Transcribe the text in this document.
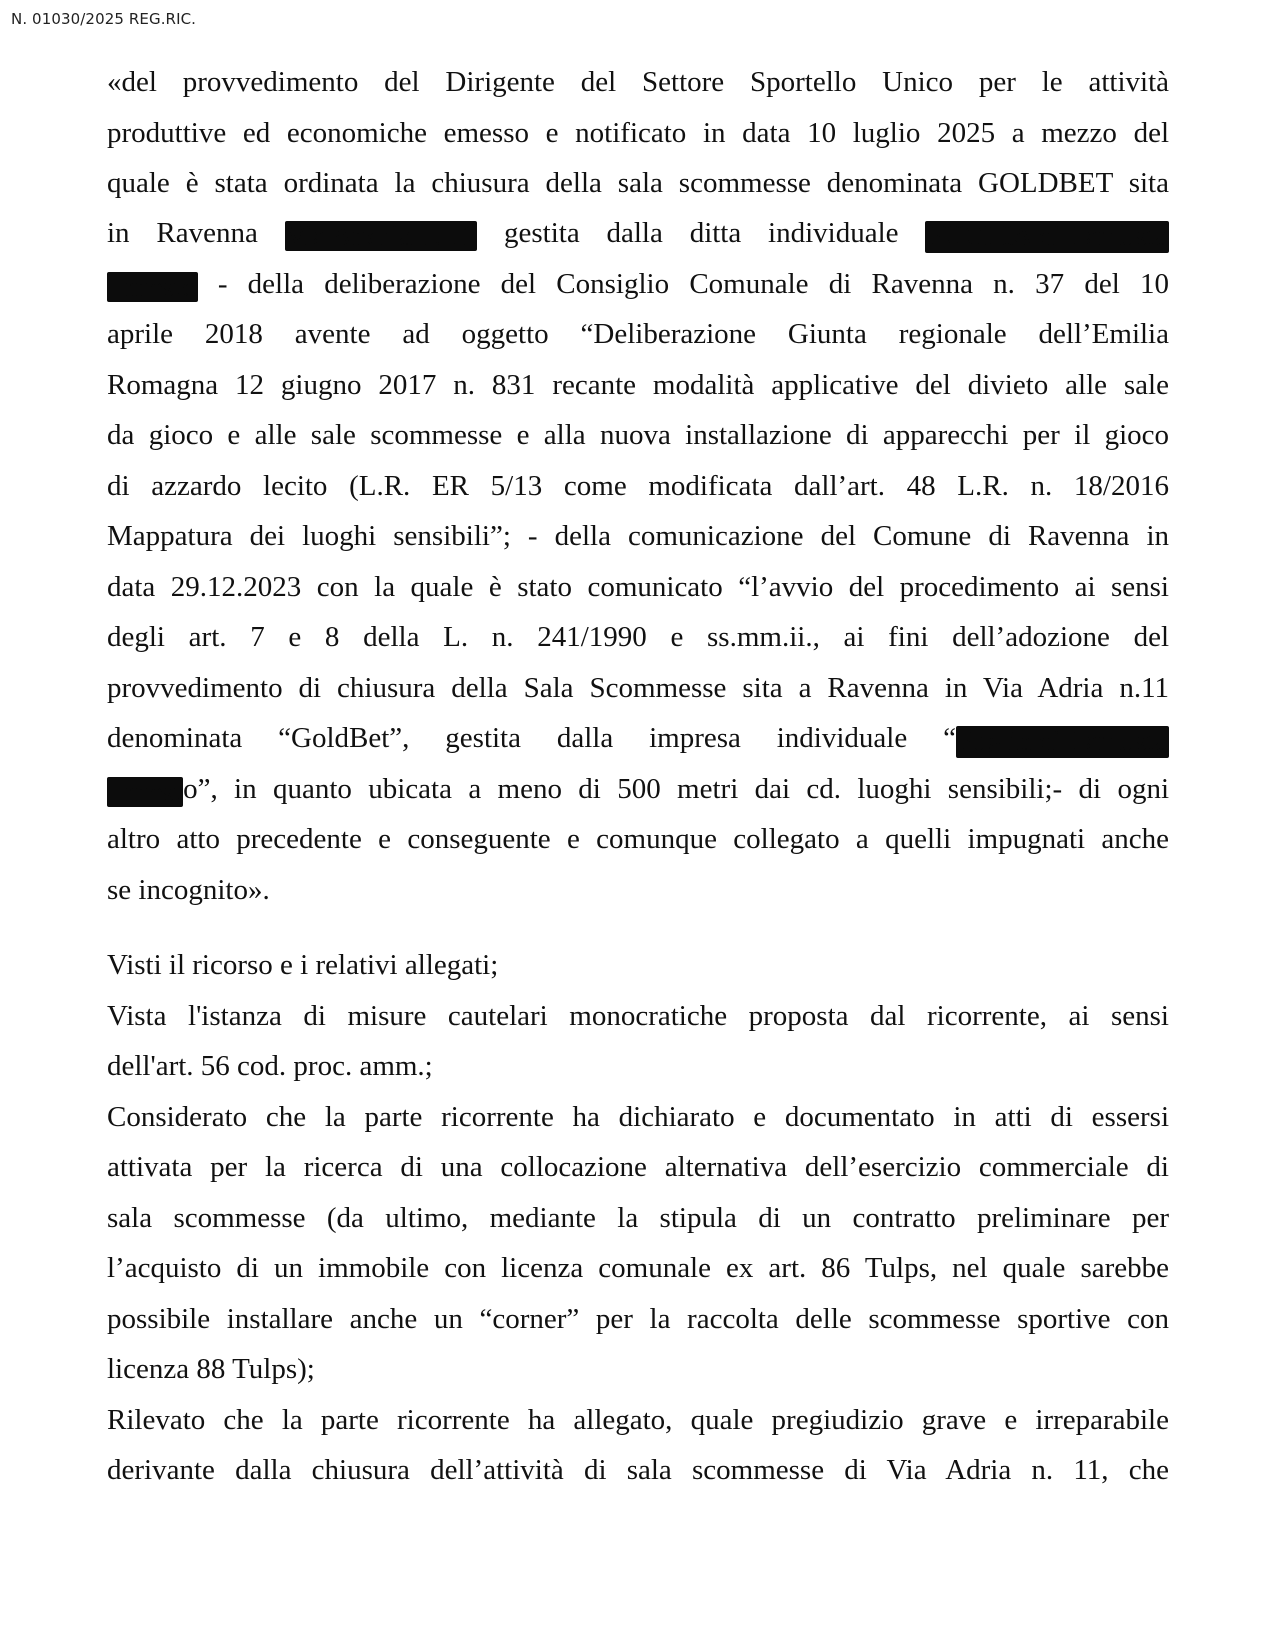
N. 01030/2025 REG.RIC.
«del provvedimento del Dirigente del Settore Sportello Unico per le attività
produttive ed economiche emesso e notificato in data 10 luglio 2025 a mezzo del
quale è stata ordinata la chiusura della sala scommesse denominata GOLDBET sita
in Ravenna Via Andria n. 11 gestita dalla ditta individuale PUGLIA di Lamusta
Ernesto - della deliberazione del Consiglio Comunale di Ravenna n. 37 del 10
aprile 2018 avente ad oggetto “Deliberazione Giunta regionale dell’Emilia
Romagna 12 giugno 2017 n. 831 recante modalità applicative del divieto alle sale
da gioco e alle sale scommesse e alla nuova installazione di apparecchi per il gioco
di azzardo lecito (L.R. ER 5/13 come modificata dall’art. 48 L.R. n. 18/2016
Mappatura dei luoghi sensibili”; - della comunicazione del Comune di Ravenna in
data 29.12.2023 con la quale è stato comunicato “l’avvio del procedimento ai sensi
degli art. 7 e 8 della L. n. 241/1990 e ss.mm.ii., ai fini dell’adozione del
provvedimento di chiusura della Sala Scommesse sita a Ravenna in Via Adria n.11
denominata “GoldBet”, gestita dalla impresa individuale “Puglia di Lamusta
Ernesto”, in quanto ubicata a meno di 500 metri dai cd. luoghi sensibili;- di ogni
altro atto precedente e conseguente e comunque collegato a quelli impugnati anche
se incognito».
Visti il ricorso e i relativi allegati;
Vista l'istanza di misure cautelari monocratiche proposta dal ricorrente, ai sensi
dell'art. 56 cod. proc. amm.;
Considerato che la parte ricorrente ha dichiarato e documentato in atti di essersi
attivata per la ricerca di una collocazione alternativa dell’esercizio commerciale di
sala scommesse (da ultimo, mediante la stipula di un contratto preliminare per
l’acquisto di un immobile con licenza comunale ex art. 86 Tulps, nel quale sarebbe
possibile installare anche un “corner” per la raccolta delle scommesse sportive con
licenza 88 Tulps);
Rilevato che la parte ricorrente ha allegato, quale pregiudizio grave e irreparabile
derivante dalla chiusura dell’attività di sala scommesse di Via Adria n. 11, che
